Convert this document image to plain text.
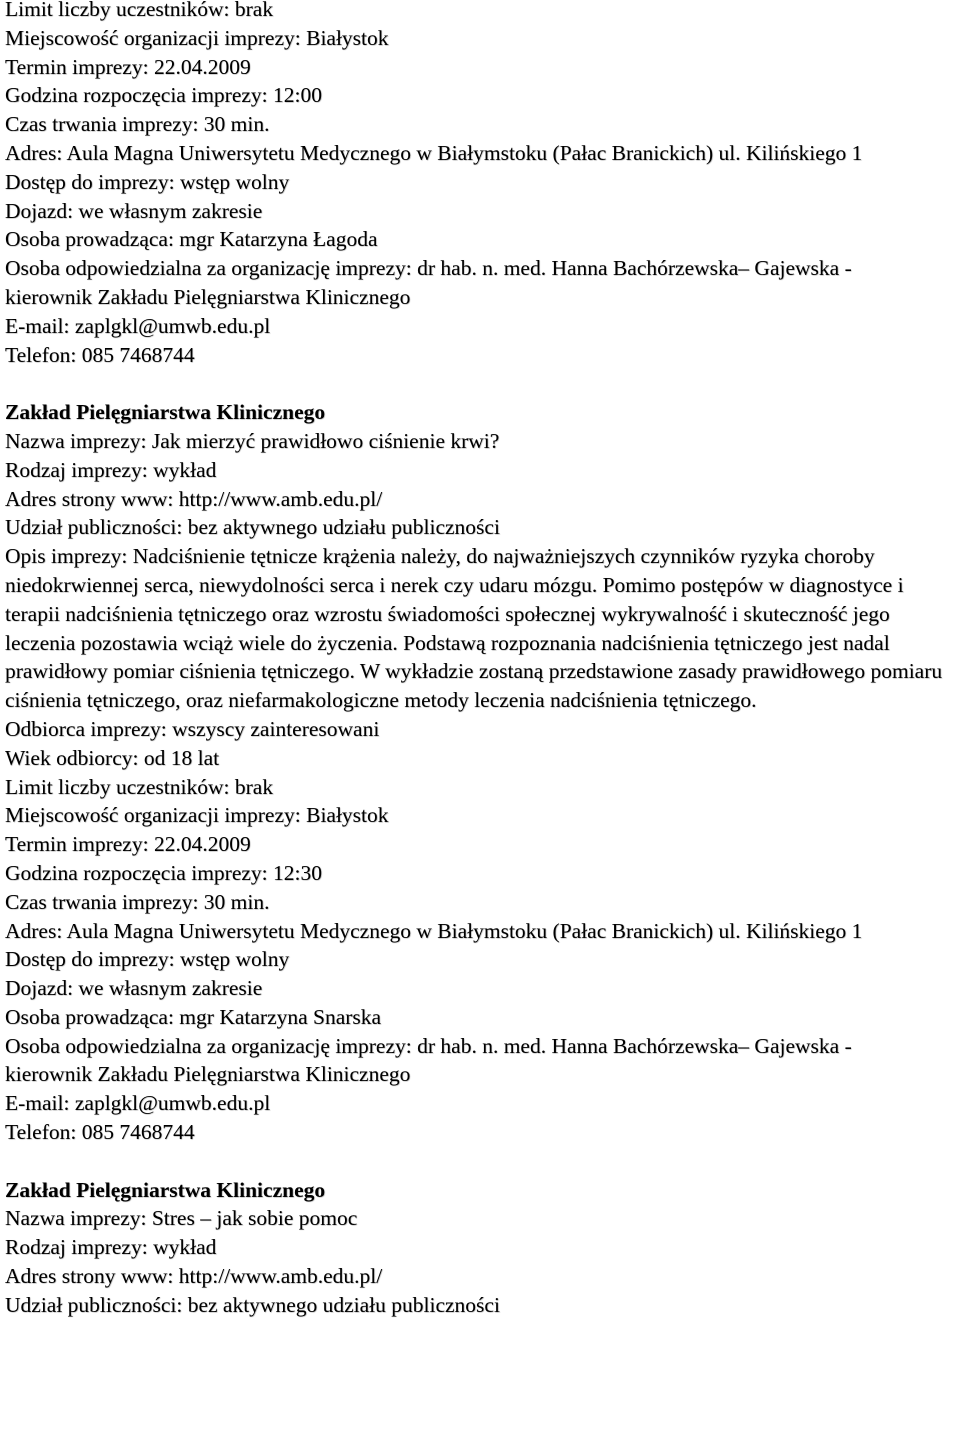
Limit liczby uczestników: brak
Miejscowość organizacji imprezy: Białystok
Termin imprezy: 22.04.2009
Godzina rozpoczęcia imprezy: 12:00
Czas trwania imprezy: 30 min.
Adres: Aula Magna Uniwersytetu Medycznego w Białymstoku (Pałac Branickich) ul. Kilińskiego 1
Dostęp do imprezy: wstęp wolny
Dojazd: we własnym zakresie
Osoba prowadząca: mgr Katarzyna Łagoda
Osoba odpowiedzialna za organizację imprezy: dr hab. n. med. Hanna Bachórzewska– Gajewska - kierownik Zakładu Pielęgniarstwa Klinicznego
E-mail: zaplgkl@umwb.edu.pl
Telefon: 085 7468744
Zakład Pielęgniarstwa Klinicznego
Nazwa imprezy: Jak mierzyć prawidłowo ciśnienie krwi?
Rodzaj imprezy: wykład
Adres strony www: http://www.amb.edu.pl/
Udział publiczności: bez aktywnego udziału publiczności
Opis imprezy: Nadciśnienie tętnicze krążenia należy, do najważniejszych czynników ryzyka choroby niedokrwiennej serca, niewydolności serca i nerek czy udaru mózgu. Pomimo postępów w diagnostyce i terapii nadciśnienia tętniczego oraz wzrostu świadomości społecznej wykrywalność i skuteczność jego leczenia pozostawia wciąż wiele do życzenia. Podstawą rozpoznania nadciśnienia tętniczego jest nadal prawidłowy pomiar ciśnienia tętniczego. W wykładzie zostaną przedstawione zasady prawidłowego pomiaru ciśnienia tętniczego, oraz niefarmakologiczne metody leczenia nadciśnienia tętniczego.
Odbiorca imprezy: wszyscy zainteresowani
Wiek odbiorcy: od 18 lat
Limit liczby uczestników: brak
Miejscowość organizacji imprezy: Białystok
Termin imprezy: 22.04.2009
Godzina rozpoczęcia imprezy: 12:30
Czas trwania imprezy: 30 min.
Adres: Aula Magna Uniwersytetu Medycznego w Białymstoku (Pałac Branickich) ul. Kilińskiego 1
Dostęp do imprezy: wstęp wolny
Dojazd: we własnym zakresie
Osoba prowadząca: mgr Katarzyna Snarska
Osoba odpowiedzialna za organizację imprezy: dr hab. n. med. Hanna Bachórzewska– Gajewska - kierownik Zakładu Pielęgniarstwa Klinicznego
E-mail: zaplgkl@umwb.edu.pl
Telefon: 085 7468744
Zakład Pielęgniarstwa Klinicznego
Nazwa imprezy: Stres – jak sobie pomoc
Rodzaj imprezy: wykład
Adres strony www: http://www.amb.edu.pl/
Udział publiczności: bez aktywnego udziału publiczności
